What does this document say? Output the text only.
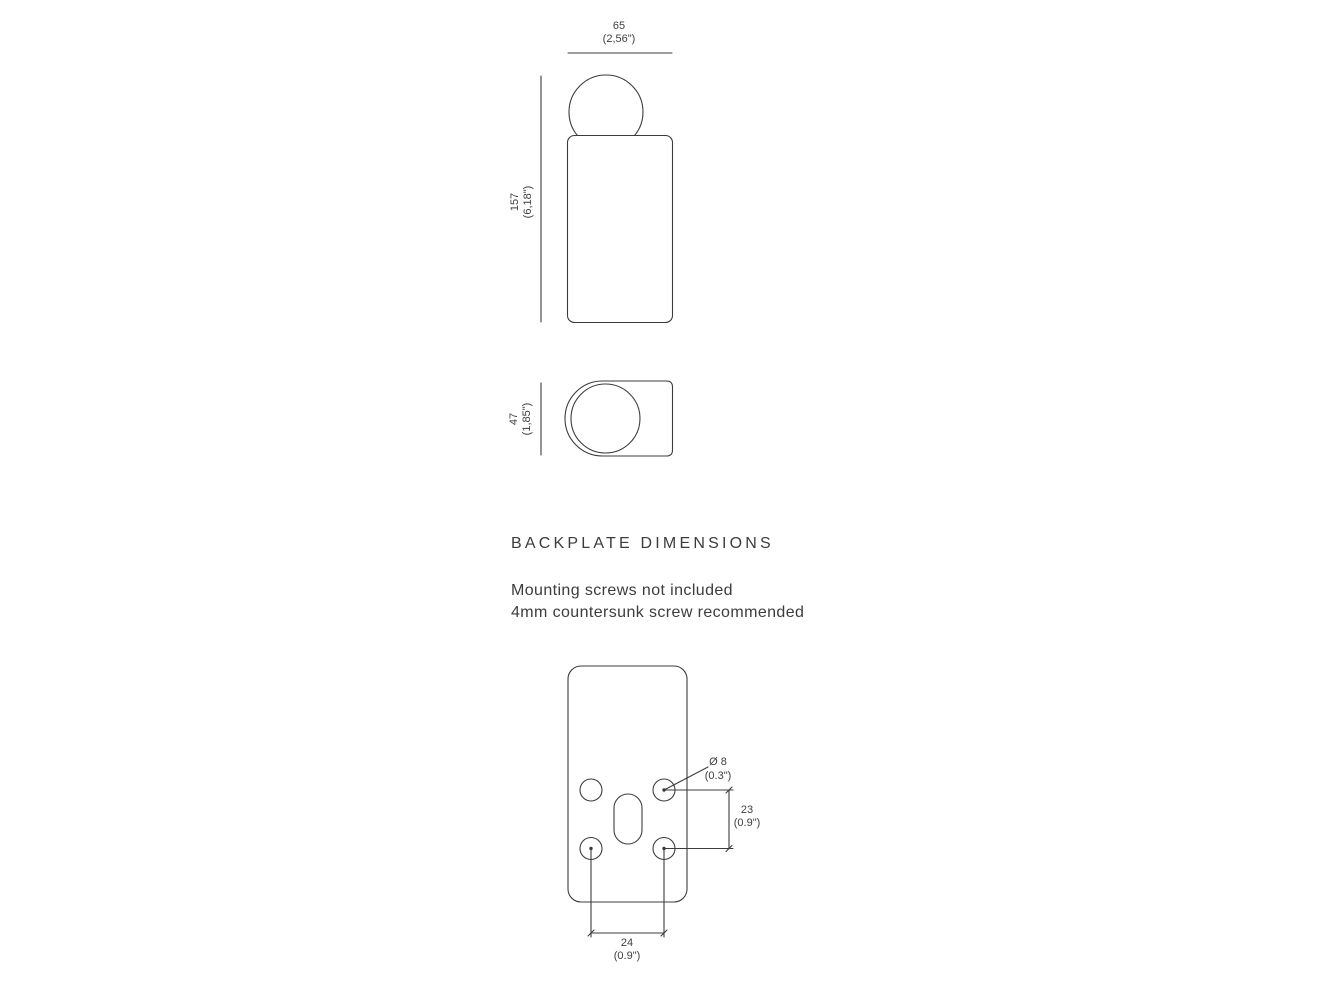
65
(2,56")
157 (6,18")
47 (1,85")
BACKPLATE DIMENSIONS
Mounting screws not included
4mm countersunk screw recommended
Ø 8
(0.3")
23
(0.9")
24
(0.9")
